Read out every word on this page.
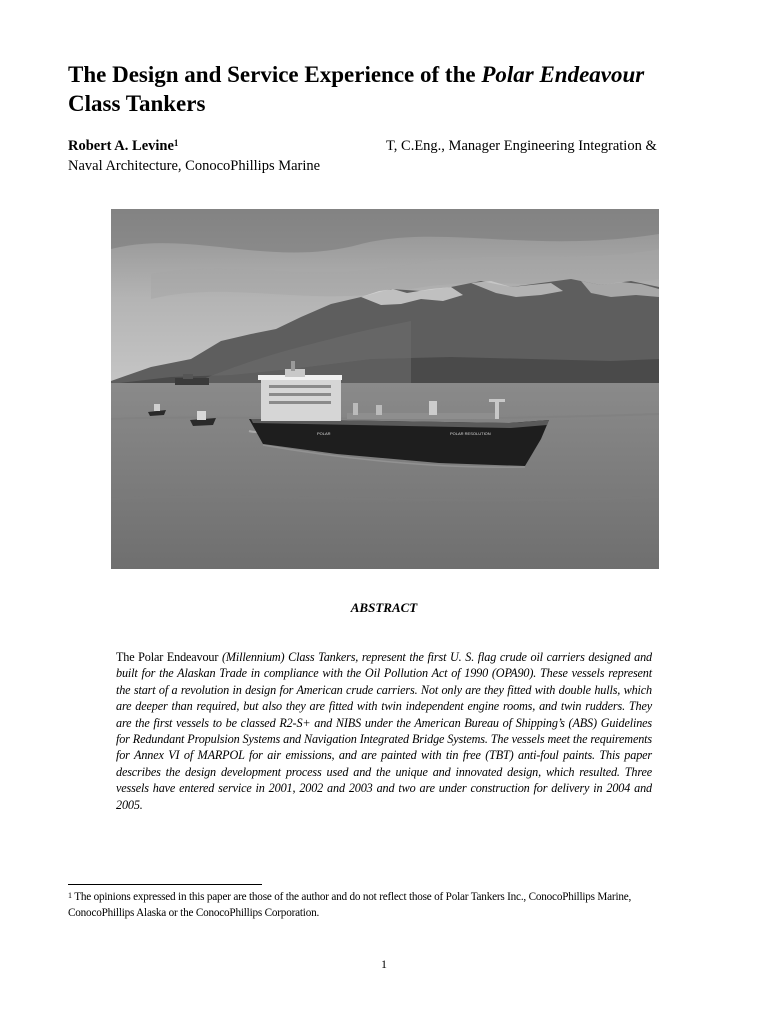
The Design and Service Experience of the Polar Endeavour
Class Tankers
Robert A. Levine$^1$	T, C.Eng., Manager Engineering Integration &
Naval Architecture, ConocoPhillips Marine
POLAR RESOLUTION
POLAR
ABSTRACT
The Polar Endeavour (Millennium) Class Tankers, represent the first U. S. flag crude oil carriers designed and built for the Alaskan Trade in compliance with the Oil Pollution Act of 1990 (OPA90). These vessels represent the start of a revolution in design for American crude carriers. Not only are they fitted with double hulls, which are deeper than required, but also they are fitted with twin independent engine rooms, and twin rudders. They are the first vessels to be classed R2-S+ and NIBS under the American Bureau of Shipping’s (ABS) Guidelines for Redundant Propulsion Systems and Navigation Integrated Bridge Systems. The vessels meet the requirements for Annex VI of MARPOL for air emissions, and are painted with tin free (TBT) anti-foul paints. This paper describes the design development process used and the unique and innovated design, which resulted. Three vessels have entered service in 2001, 2002 and 2003 and two are under construction for delivery in 2004 and 2005.
$^1$ The opinions expressed in this paper are those of the author and do not reflect those of Polar Tankers Inc., ConocoPhillips Marine, ConocoPhillips Alaska or the ConocoPhillips Corporation.
1
